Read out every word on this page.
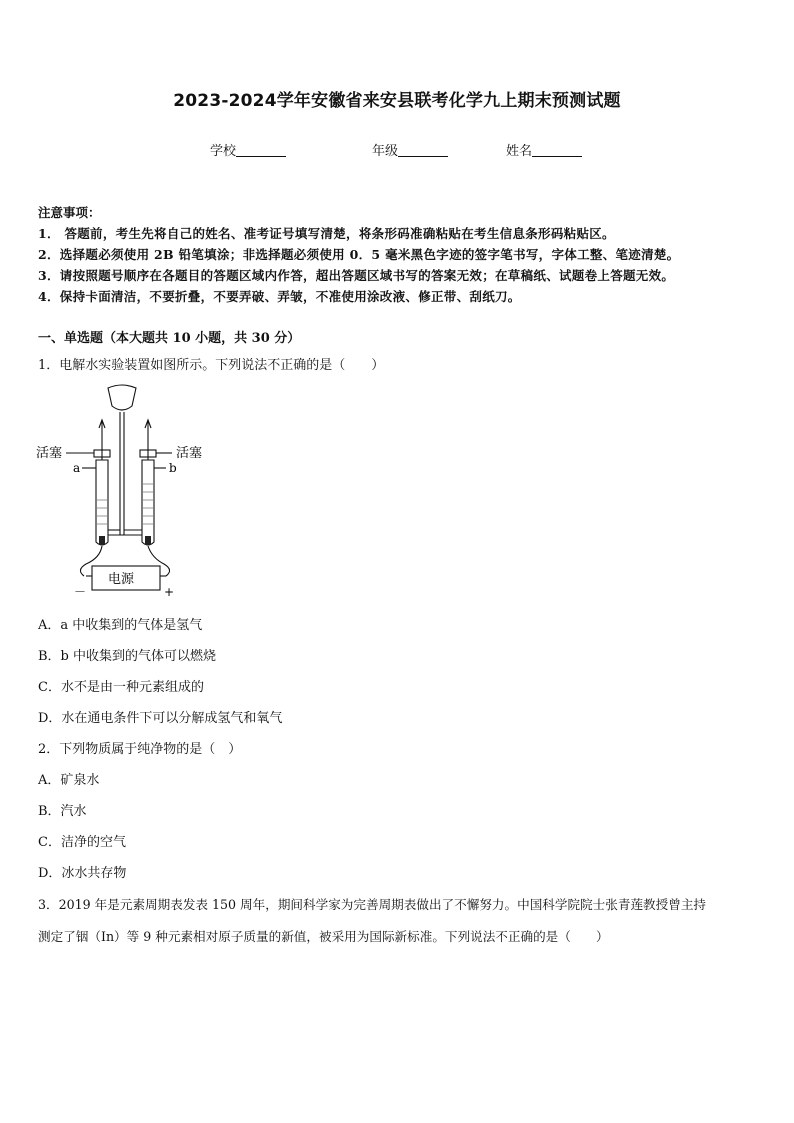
2023-2024学年安徽省来安县联考化学九上期末预测试题
学校	年级	姓名
注意事项：
1． 答题前，考生先将自己的姓名、准考证号填写清楚，将条形码准确粘贴在考生信息条形码粘贴区。
2．选择题必须使用 2B 铅笔填涂；非选择题必须使用 0．5 毫米黑色字迹的签字笔书写，字体工整、笔迹清楚。
3．请按照题号顺序在各题目的答题区域内作答，超出答题区域书写的答案无效；在草稿纸、试题卷上答题无效。
4．保持卡面清洁，不要折叠，不要弄破、弄皱，不准使用涂改液、修正带、刮纸刀。
一、单选题（本大题共 10 小题，共 30 分）
1．电解水实验装置如图所示。下列说法不正确的是（　　）
活塞	活塞
a	b
电源
－	+
A．a 中收集到的气体是氢气
B．b 中收集到的气体可以燃烧
C．水不是由一种元素组成的
D．水在通电条件下可以分解成氢气和氧气
2．下列物质属于纯净物的是（　）
A．矿泉水
B．汽水
C．洁净的空气
D．冰水共存物
3．2019 年是元素周期表发表 150 周年，期间科学家为完善周期表做出了不懈努力。中国科学院院士张青莲教授曾主持
测定了铟（In）等 9 种元素相对原子质量的新值，被采用为国际新标准。下列说法不正确的是（　　）
